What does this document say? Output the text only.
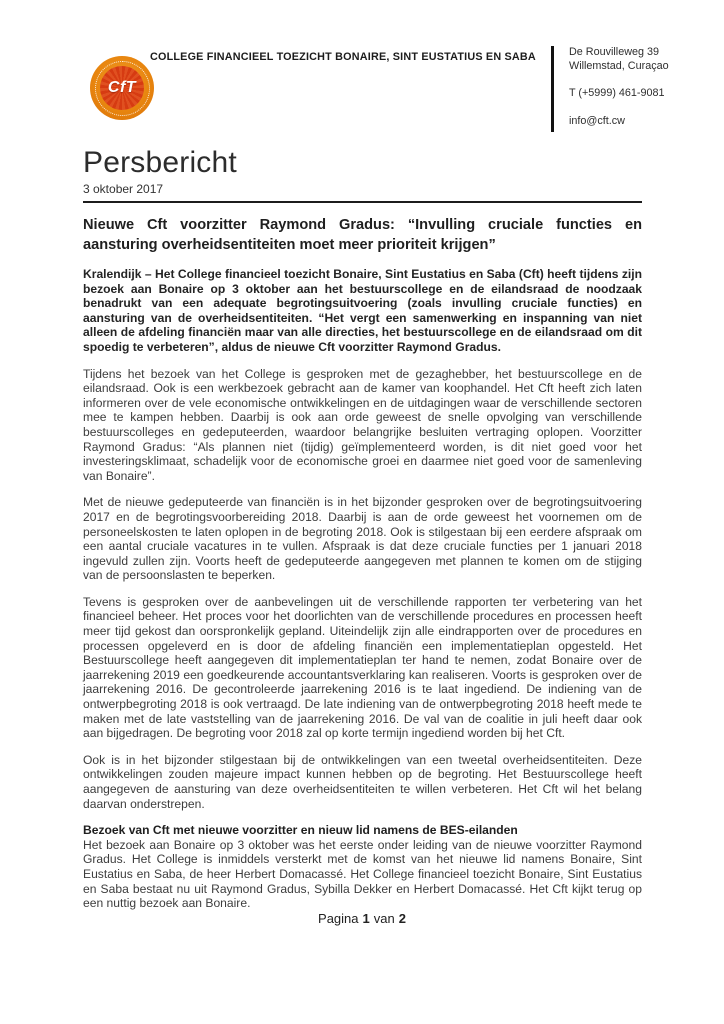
CfT
COLLEGE FINANCIEEL TOEZICHT BONAIRE, SINT EUSTATIUS EN SABA	De Rouvilleweg 39
Willemstad, Curaçao
T (+5999) 461-9081
info@cft.cw
Persbericht
3 oktober 2017
Nieuwe Cft voorzitter Raymond Gradus: “Invulling cruciale functies en aansturing overheidsentiteiten moet meer prioriteit krijgen”

Kralendijk – Het College financieel toezicht Bonaire, Sint Eustatius en Saba (Cft) heeft tijdens zijn bezoek aan Bonaire op 3 oktober aan het bestuurscollege en de eilandsraad de noodzaak benadrukt van een adequate begrotingsuitvoering (zoals invulling cruciale functies) en aansturing van de overheidsentiteiten. “Het vergt een samenwerking en inspanning van niet alleen de afdeling financiën maar van alle directies, het bestuurscollege en de eilandsraad om dit spoedig te verbeteren”, aldus de nieuwe Cft voorzitter Raymond Gradus.

Tijdens het bezoek van het College is gesproken met de gezaghebber, het bestuurscollege en de eilandsraad. Ook is een werkbezoek gebracht aan de kamer van koophandel. Het Cft heeft zich laten informeren over de vele economische ontwikkelingen en de uitdagingen waar de verschillende sectoren mee te kampen hebben. Daarbij is ook aan orde geweest de snelle opvolging van verschillende bestuurscolleges en gedeputeerden, waardoor belangrijke besluiten vertraging oplopen. Voorzitter Raymond Gradus: “Als plannen niet (tijdig) geïmplementeerd worden, is dit niet goed voor het investeringsklimaat, schadelijk voor de economische groei en daarmee niet goed voor de samenleving van Bonaire”.

Met de nieuwe gedeputeerde van financiën is in het bijzonder gesproken over de begrotingsuitvoering 2017 en de begrotingsvoorbereiding 2018. Daarbij is aan de orde geweest het voornemen om de personeelskosten te laten oplopen in de begroting 2018. Ook is stilgestaan bij een eerdere afspraak om een aantal cruciale vacatures in te vullen. Afspraak is dat deze cruciale functies per 1 januari 2018 ingevuld zullen zijn. Voorts heeft de gedeputeerde aangegeven met plannen te komen om de stijging van de persoonslasten te beperken.

Tevens is gesproken over de aanbevelingen uit de verschillende rapporten ter verbetering van het financieel beheer. Het proces voor het doorlichten van de verschillende procedures en processen heeft meer tijd gekost dan oorspronkelijk gepland. Uiteindelijk zijn alle eindrapporten over de procedures en processen opgeleverd en is door de afdeling financiën een implementatieplan opgesteld. Het Bestuurscollege heeft aangegeven dit implementatieplan ter hand te nemen, zodat Bonaire over de jaarrekening 2019 een goedkeurende accountantsverklaring kan realiseren. Voorts is gesproken over de jaarrekening 2016. De gecontroleerde jaarrekening 2016 is te laat ingediend. De indiening van de ontwerpbegroting 2018 is ook vertraagd. De late indiening van de ontwerpbegroting 2018 heeft mede te maken met de late vaststelling van de jaarrekening 2016. De val van de coalitie in juli heeft daar ook aan bijgedragen. De begroting voor 2018 zal op korte termijn ingediend worden bij het Cft.

Ook is in het bijzonder stilgestaan bij de ontwikkelingen van een tweetal overheidsentiteiten. Deze ontwikkelingen zouden majeure impact kunnen hebben op de begroting. Het Bestuurscollege heeft aangegeven de aansturing van deze overheidsentiteiten te willen verbeteren. Het Cft wil het belang daarvan onderstrepen.

Bezoek van Cft met nieuwe voorzitter en nieuw lid namens de BES-eilanden

Het bezoek aan Bonaire op 3 oktober was het eerste onder leiding van de nieuwe voorzitter Raymond Gradus. Het College is inmiddels versterkt met de komst van het nieuwe lid namens Bonaire, Sint Eustatius en Saba, de heer Herbert Domacassé. Het College financieel toezicht Bonaire, Sint Eustatius en Saba bestaat nu uit Raymond Gradus, Sybilla Dekker en Herbert Domacassé. Het Cft kijkt terug op een nuttig bezoek aan Bonaire.

Pagina 1 van 2
